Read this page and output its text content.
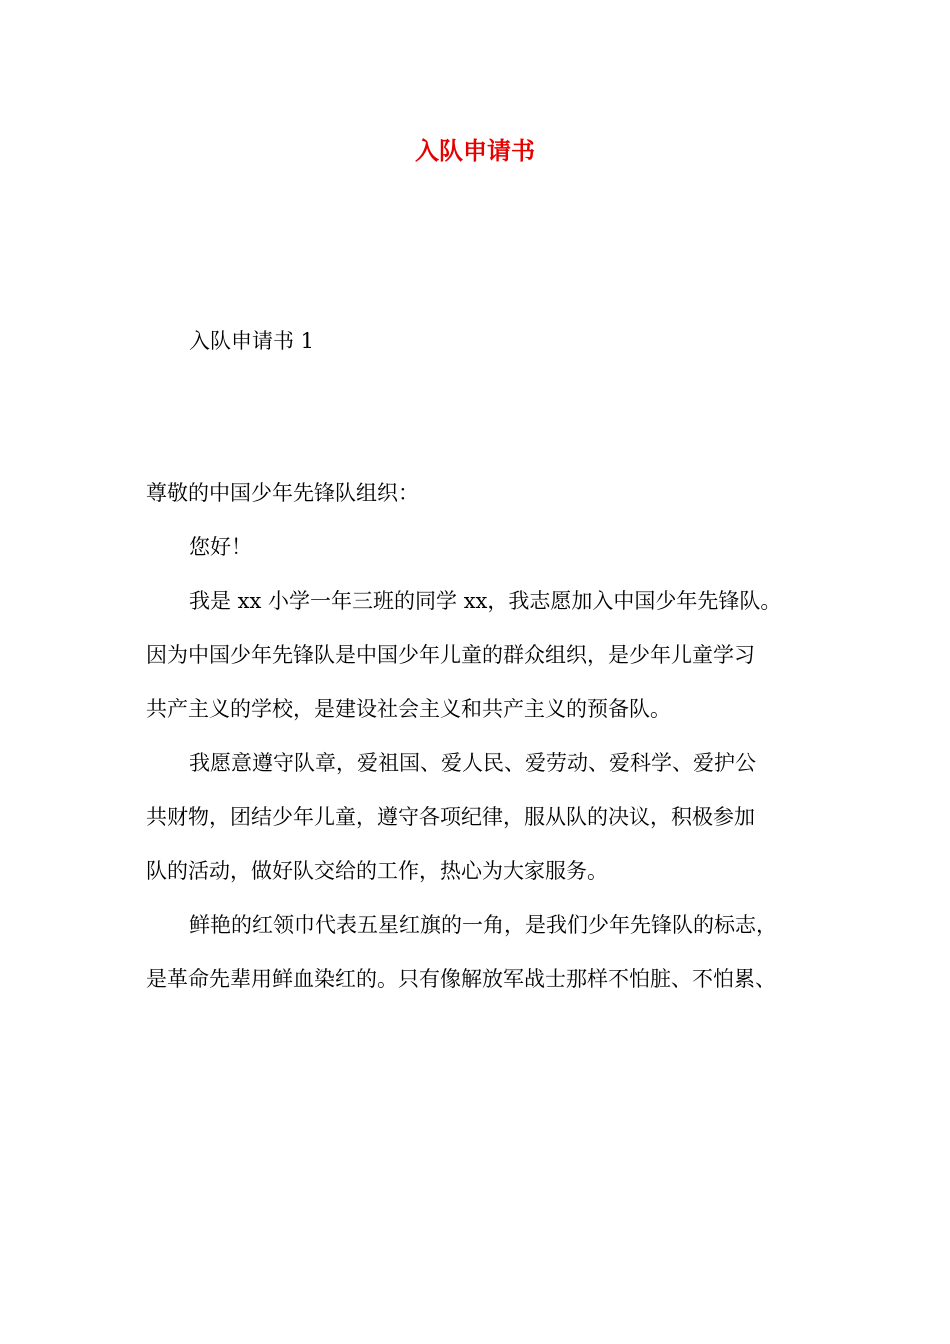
入队申请书

入队申请书 1

尊敬的中国少年先锋队组织：
您好！
我是 xx 小学一年三班的同学 xx，我志愿加入中国少年先锋队。
因为中国少年先锋队是中国少年儿童的群众组织，是少年儿童学习
共产主义的学校，是建设社会主义和共产主义的预备队。
我愿意遵守队章，爱祖国、爱人民、爱劳动、爱科学、爱护公
共财物，团结少年儿童，遵守各项纪律，服从队的决议，积极参加
队的活动，做好队交给的工作，热心为大家服务。
鲜艳的红领巾代表五星红旗的一角，是我们少年先锋队的标志，
是革命先辈用鲜血染红的。只有像解放军战士那样不怕脏、不怕累、
